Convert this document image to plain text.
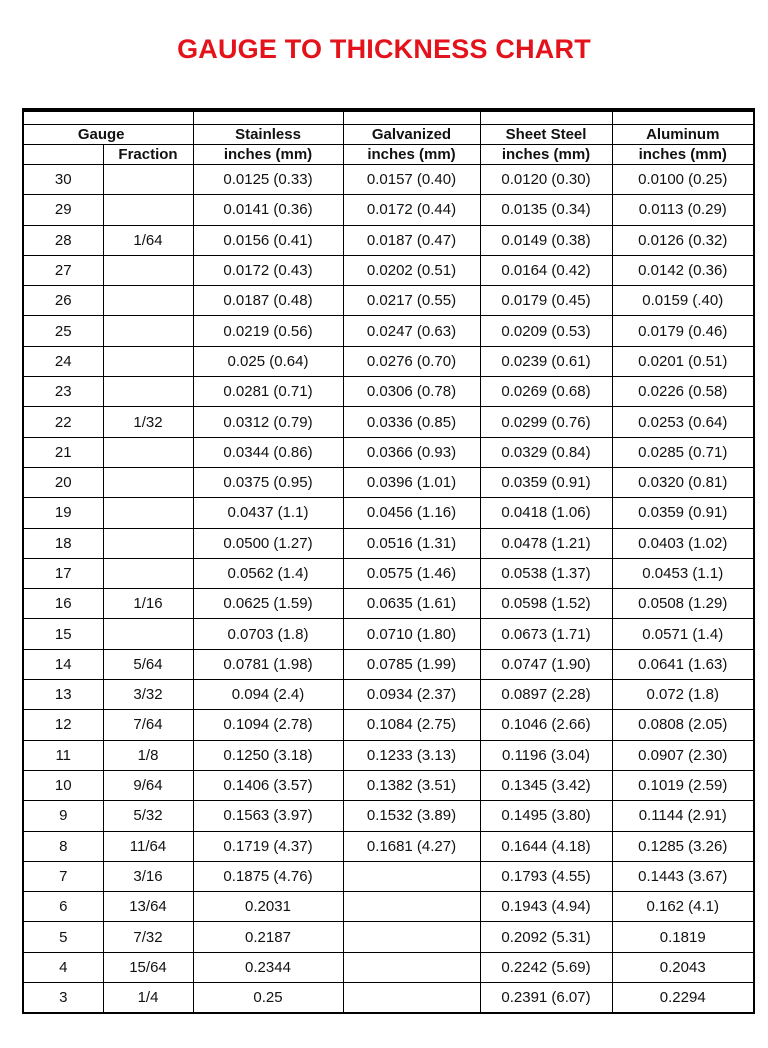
GAUGE TO THICKNESS CHART

Gauge		Stainless	Galvanized	Sheet Steel	Aluminum
	Fraction	inches (mm)	inches (mm)	inches (mm)	inches (mm)
30		0.0125 (0.33)	0.0157 (0.40)	0.0120 (0.30)	0.0100 (0.25)
29		0.0141 (0.36)	0.0172 (0.44)	0.0135 (0.34)	0.0113 (0.29)
28	1/64	0.0156 (0.41)	0.0187 (0.47)	0.0149 (0.38)	0.0126 (0.32)
27		0.0172 (0.43)	0.0202 (0.51)	0.0164 (0.42)	0.0142 (0.36)
26		0.0187 (0.48)	0.0217 (0.55)	0.0179 (0.45)	0.0159 (.40)
25		0.0219 (0.56)	0.0247 (0.63)	0.0209 (0.53)	0.0179 (0.46)
24		0.025 (0.64)	0.0276 (0.70)	0.0239 (0.61)	0.0201 (0.51)
23		0.0281 (0.71)	0.0306 (0.78)	0.0269 (0.68)	0.0226 (0.58)
22	1/32	0.0312 (0.79)	0.0336 (0.85)	0.0299 (0.76)	0.0253 (0.64)
21		0.0344 (0.86)	0.0366 (0.93)	0.0329 (0.84)	0.0285 (0.71)
20		0.0375 (0.95)	0.0396 (1.01)	0.0359 (0.91)	0.0320 (0.81)
19		0.0437 (1.1)	0.0456 (1.16)	0.0418 (1.06)	0.0359 (0.91)
18		0.0500 (1.27)	0.0516 (1.31)	0.0478 (1.21)	0.0403 (1.02)
17		0.0562 (1.4)	0.0575 (1.46)	0.0538 (1.37)	0.0453 (1.1)
16	1/16	0.0625 (1.59)	0.0635 (1.61)	0.0598 (1.52)	0.0508 (1.29)
15		0.0703 (1.8)	0.0710 (1.80)	0.0673 (1.71)	0.0571 (1.4)
14	5/64	0.0781 (1.98)	0.0785 (1.99)	0.0747 (1.90)	0.0641 (1.63)
13	3/32	0.094 (2.4)	0.0934 (2.37)	0.0897 (2.28)	0.072 (1.8)
12	7/64	0.1094 (2.78)	0.1084 (2.75)	0.1046 (2.66)	0.0808 (2.05)
11	1/8	0.1250 (3.18)	0.1233 (3.13)	0.1196 (3.04)	0.0907 (2.30)
10	9/64	0.1406 (3.57)	0.1382 (3.51)	0.1345 (3.42)	0.1019 (2.59)
9	5/32	0.1563 (3.97)	0.1532 (3.89)	0.1495 (3.80)	0.1144 (2.91)
8	11/64	0.1719 (4.37)	0.1681 (4.27)	0.1644 (4.18)	0.1285 (3.26)
7	3/16	0.1875 (4.76)		0.1793 (4.55)	0.1443 (3.67)
6	13/64	0.2031		0.1943 (4.94)	0.162 (4.1)
5	7/32	0.2187		0.2092 (5.31)	0.1819
4	15/64	0.2344		0.2242 (5.69)	0.2043
3	1/4	0.25		0.2391 (6.07)	0.2294
